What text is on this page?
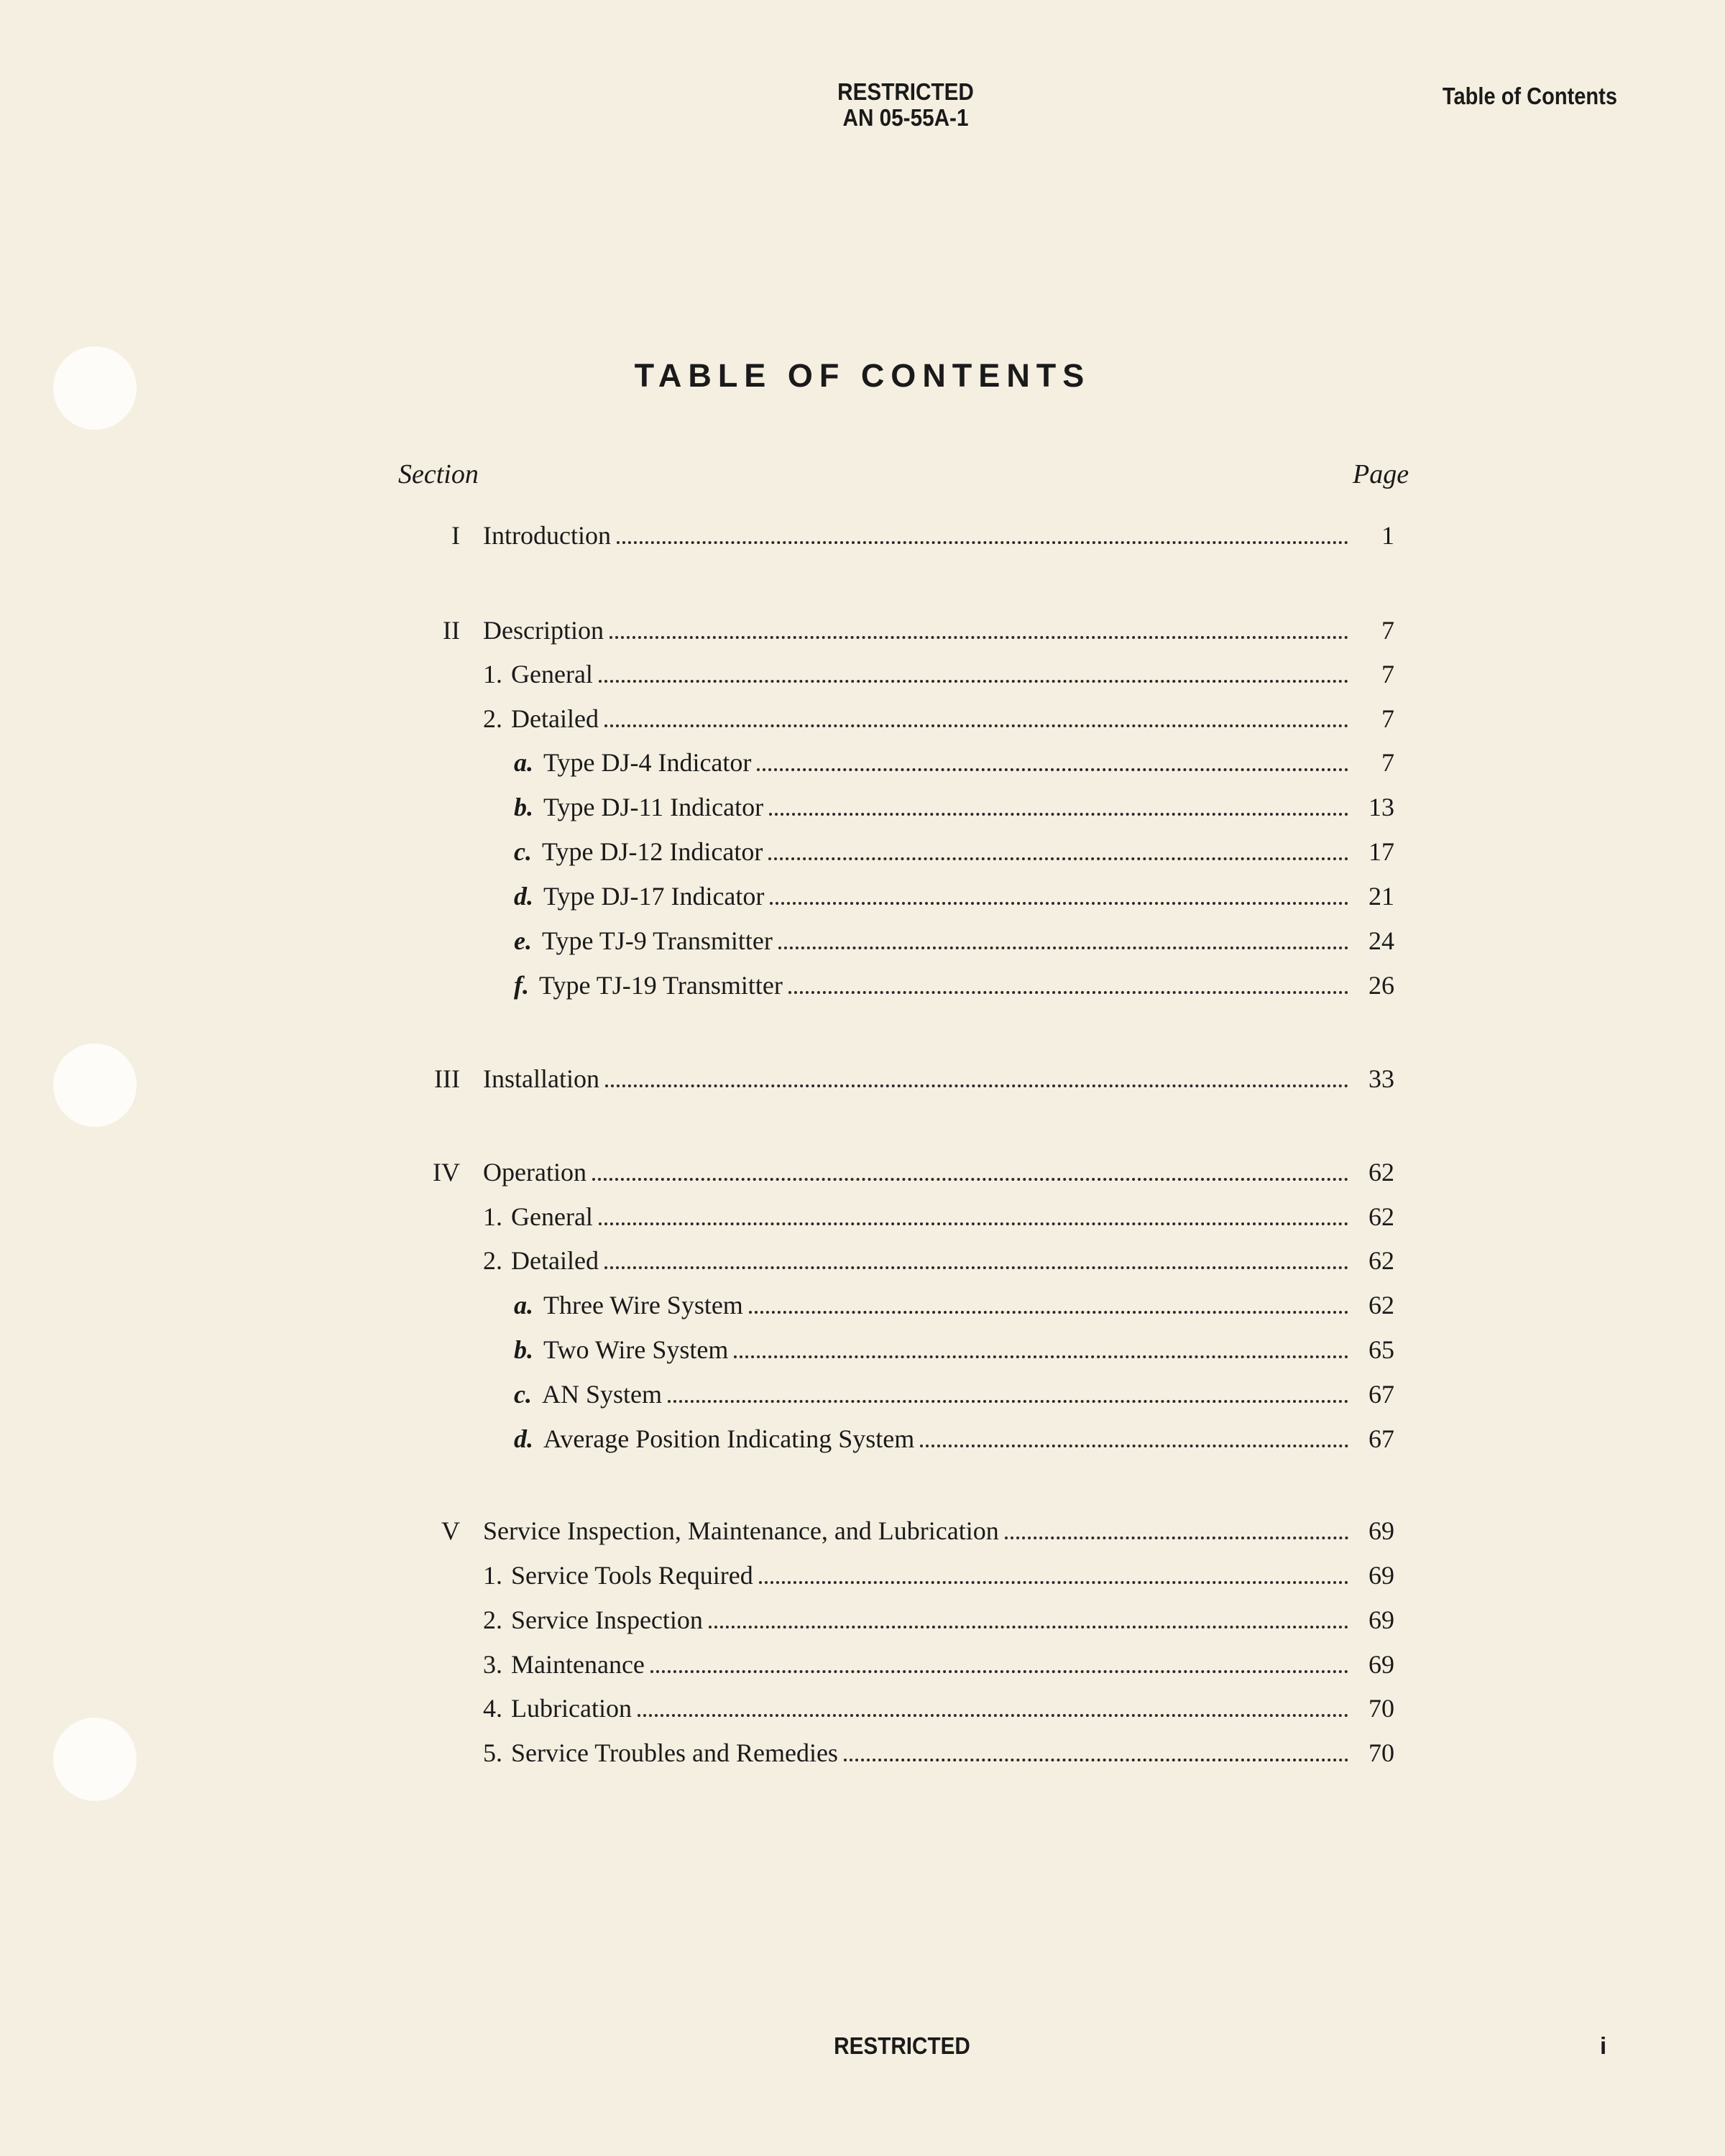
RESTRICTED
AN 05-55A-1
Table of Contents
TABLE OF CONTENTS
Section	Page
I Introduction	1
II Description	7
1. General	7
2. Detailed	7
a. Type DJ-4 Indicator	7
b. Type DJ-11 Indicator	13
c. Type DJ-12 Indicator	17
d. Type DJ-17 Indicator	21
e. Type TJ-9 Transmitter	24
f. Type TJ-19 Transmitter	26
III Installation	33
IV Operation	62
1. General	62
2. Detailed	62
a. Three Wire System	62
b. Two Wire System	65
c. AN System	67
d. Average Position Indicating System	67
V Service Inspection, Maintenance, and Lubrication	69
1. Service Tools Required	69
2. Service Inspection	69
3. Maintenance	69
4. Lubrication	70
5. Service Troubles and Remedies	70
RESTRICTED	i
